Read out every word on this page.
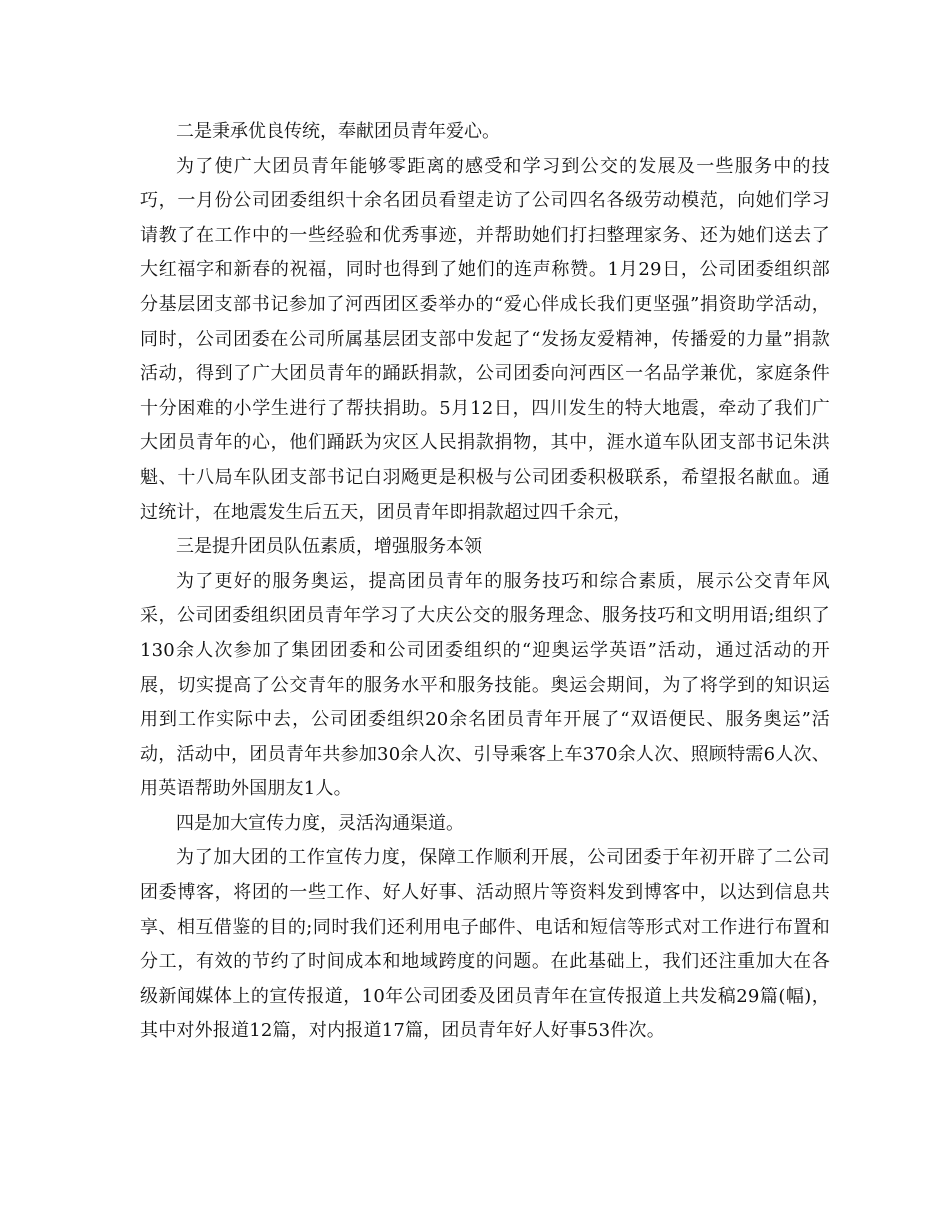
二是秉承优良传统，奉献团员青年爱心。

为了使广大团员青年能够零距离的感受和学习到公交的发展及一些服务中的技巧，一月份公司团委组织十余名团员看望走访了公司四名各级劳动模范，向她们学习请教了在工作中的一些经验和优秀事迹，并帮助她们打扫整理家务、还为她们送去了大红福字和新春的祝福，同时也得到了她们的连声称赞。1月29日，公司团委组织部分基层团支部书记参加了河西团区委举办的“爱心伴成长我们更坚强”捐资助学活动，同时，公司团委在公司所属基层团支部中发起了“发扬友爱精神，传播爱的力量”捐款活动，得到了广大团员青年的踊跃捐款，公司团委向河西区一名品学兼优，家庭条件十分困难的小学生进行了帮扶捐助。5月12日，四川发生的特大地震，牵动了我们广大团员青年的心，他们踊跃为灾区人民捐款捐物，其中，涯水道车队团支部书记朱洪魁、十八局车队团支部书记白羽飏更是积极与公司团委积极联系，希望报名献血。通过统计，在地震发生后五天，团员青年即捐款超过四千余元，

三是提升团员队伍素质，增强服务本领

为了更好的服务奥运，提高团员青年的服务技巧和综合素质，展示公交青年风采，公司团委组织团员青年学习了大庆公交的服务理念、服务技巧和文明用语;组织了130余人次参加了集团团委和公司团委组织的“迎奥运学英语”活动，通过活动的开展，切实提高了公交青年的服务水平和服务技能。奥运会期间，为了将学到的知识运用到工作实际中去，公司团委组织20余名团员青年开展了“双语便民、服务奥运”活动，活动中，团员青年共参加30余人次、引导乘客上车370余人次、照顾特需6人次、用英语帮助外国朋友1人。

四是加大宣传力度，灵活沟通渠道。

为了加大团的工作宣传力度，保障工作顺利开展，公司团委于年初开辟了二公司团委博客，将团的一些工作、好人好事、活动照片等资料发到博客中，以达到信息共享、相互借鉴的目的;同时我们还利用电子邮件、电话和短信等形式对工作进行布置和分工，有效的节约了时间成本和地域跨度的问题。在此基础上，我们还注重加大在各级新闻媒体上的宣传报道，10年公司团委及团员青年在宣传报道上共发稿29篇(幅)，其中对外报道12篇，对内报道17篇，团员青年好人好事53件次。
